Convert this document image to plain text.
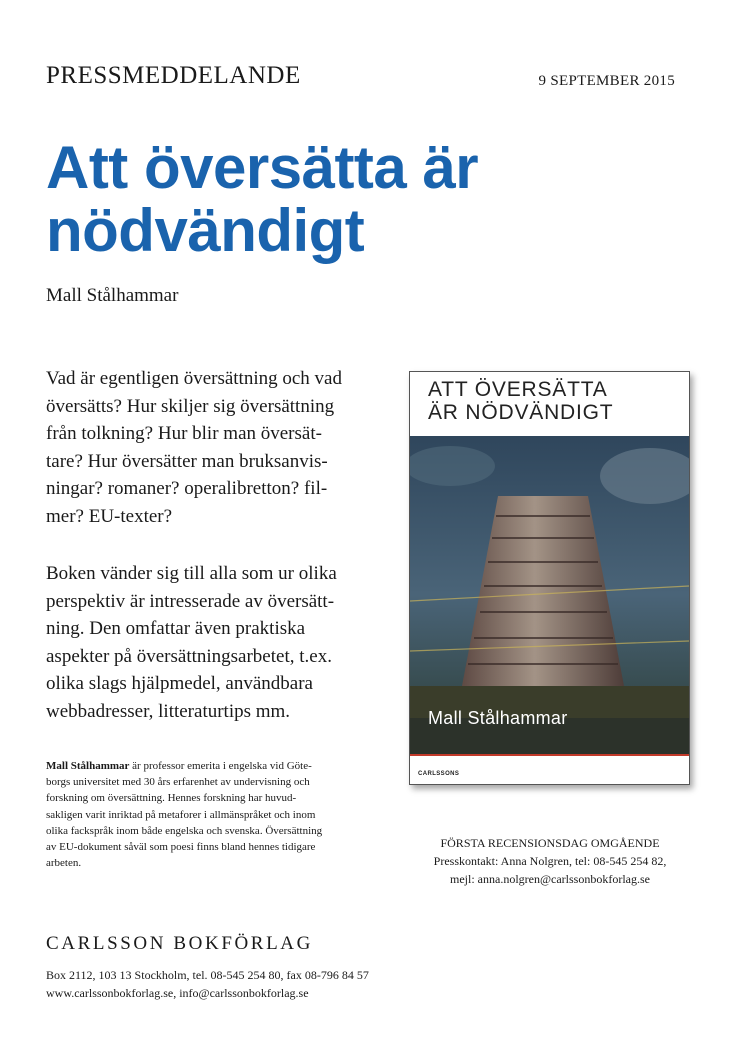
PRESSMEDDELANDE	9 SEPTEMBER 2015
Att översätta är
nödvändigt
Mall Stålhammar

Vad är egentligen översättning och vad
översätts? Hur skiljer sig översättning
från tolkning? Hur blir man översät-
tare? Hur översätter man bruksanvis-
ningar? romaner? operalibretton? fil-
mer? EU-texter?

Boken vänder sig till alla som ur olika
perspektiv är intresserade av översätt-
ning. Den omfattar även praktiska
aspekter på översättningsarbetet, t.ex.
olika slags hjälpmedel, användbara
webbadresser, litteraturtips mm.

Mall Stålhammar är professor emerita i engelska vid Göte-
borgs universitet med 30 års erfarenhet av undervisning och
forskning om översättning. Hennes forskning har huvud-
sakligen varit inriktad på metaforer i allmänspråket och inom
olika fackspråk inom både engelska och svenska. Översättning
av EU-dokument såväl som poesi finns bland hennes tidigare
arbeten.

ATT ÖVERSÄTTA
ÄR NÖDVÄNDIGT
Mall Stålhammar
CARLSSONS
FÖRSTA RECENSIONSDAG OMGÅENDE
Presskontakt: Anna Nolgren, tel: 08-545 254 82,
mejl: anna.nolgren@carlssonbokforlag.se
CARLSSON BOKFÖRLAG
Box 2112, 103 13 Stockholm, tel. 08-545 254 80, fax 08-796 84 57
www.carlssonbokforlag.se, info@carlssonbokforlag.se
